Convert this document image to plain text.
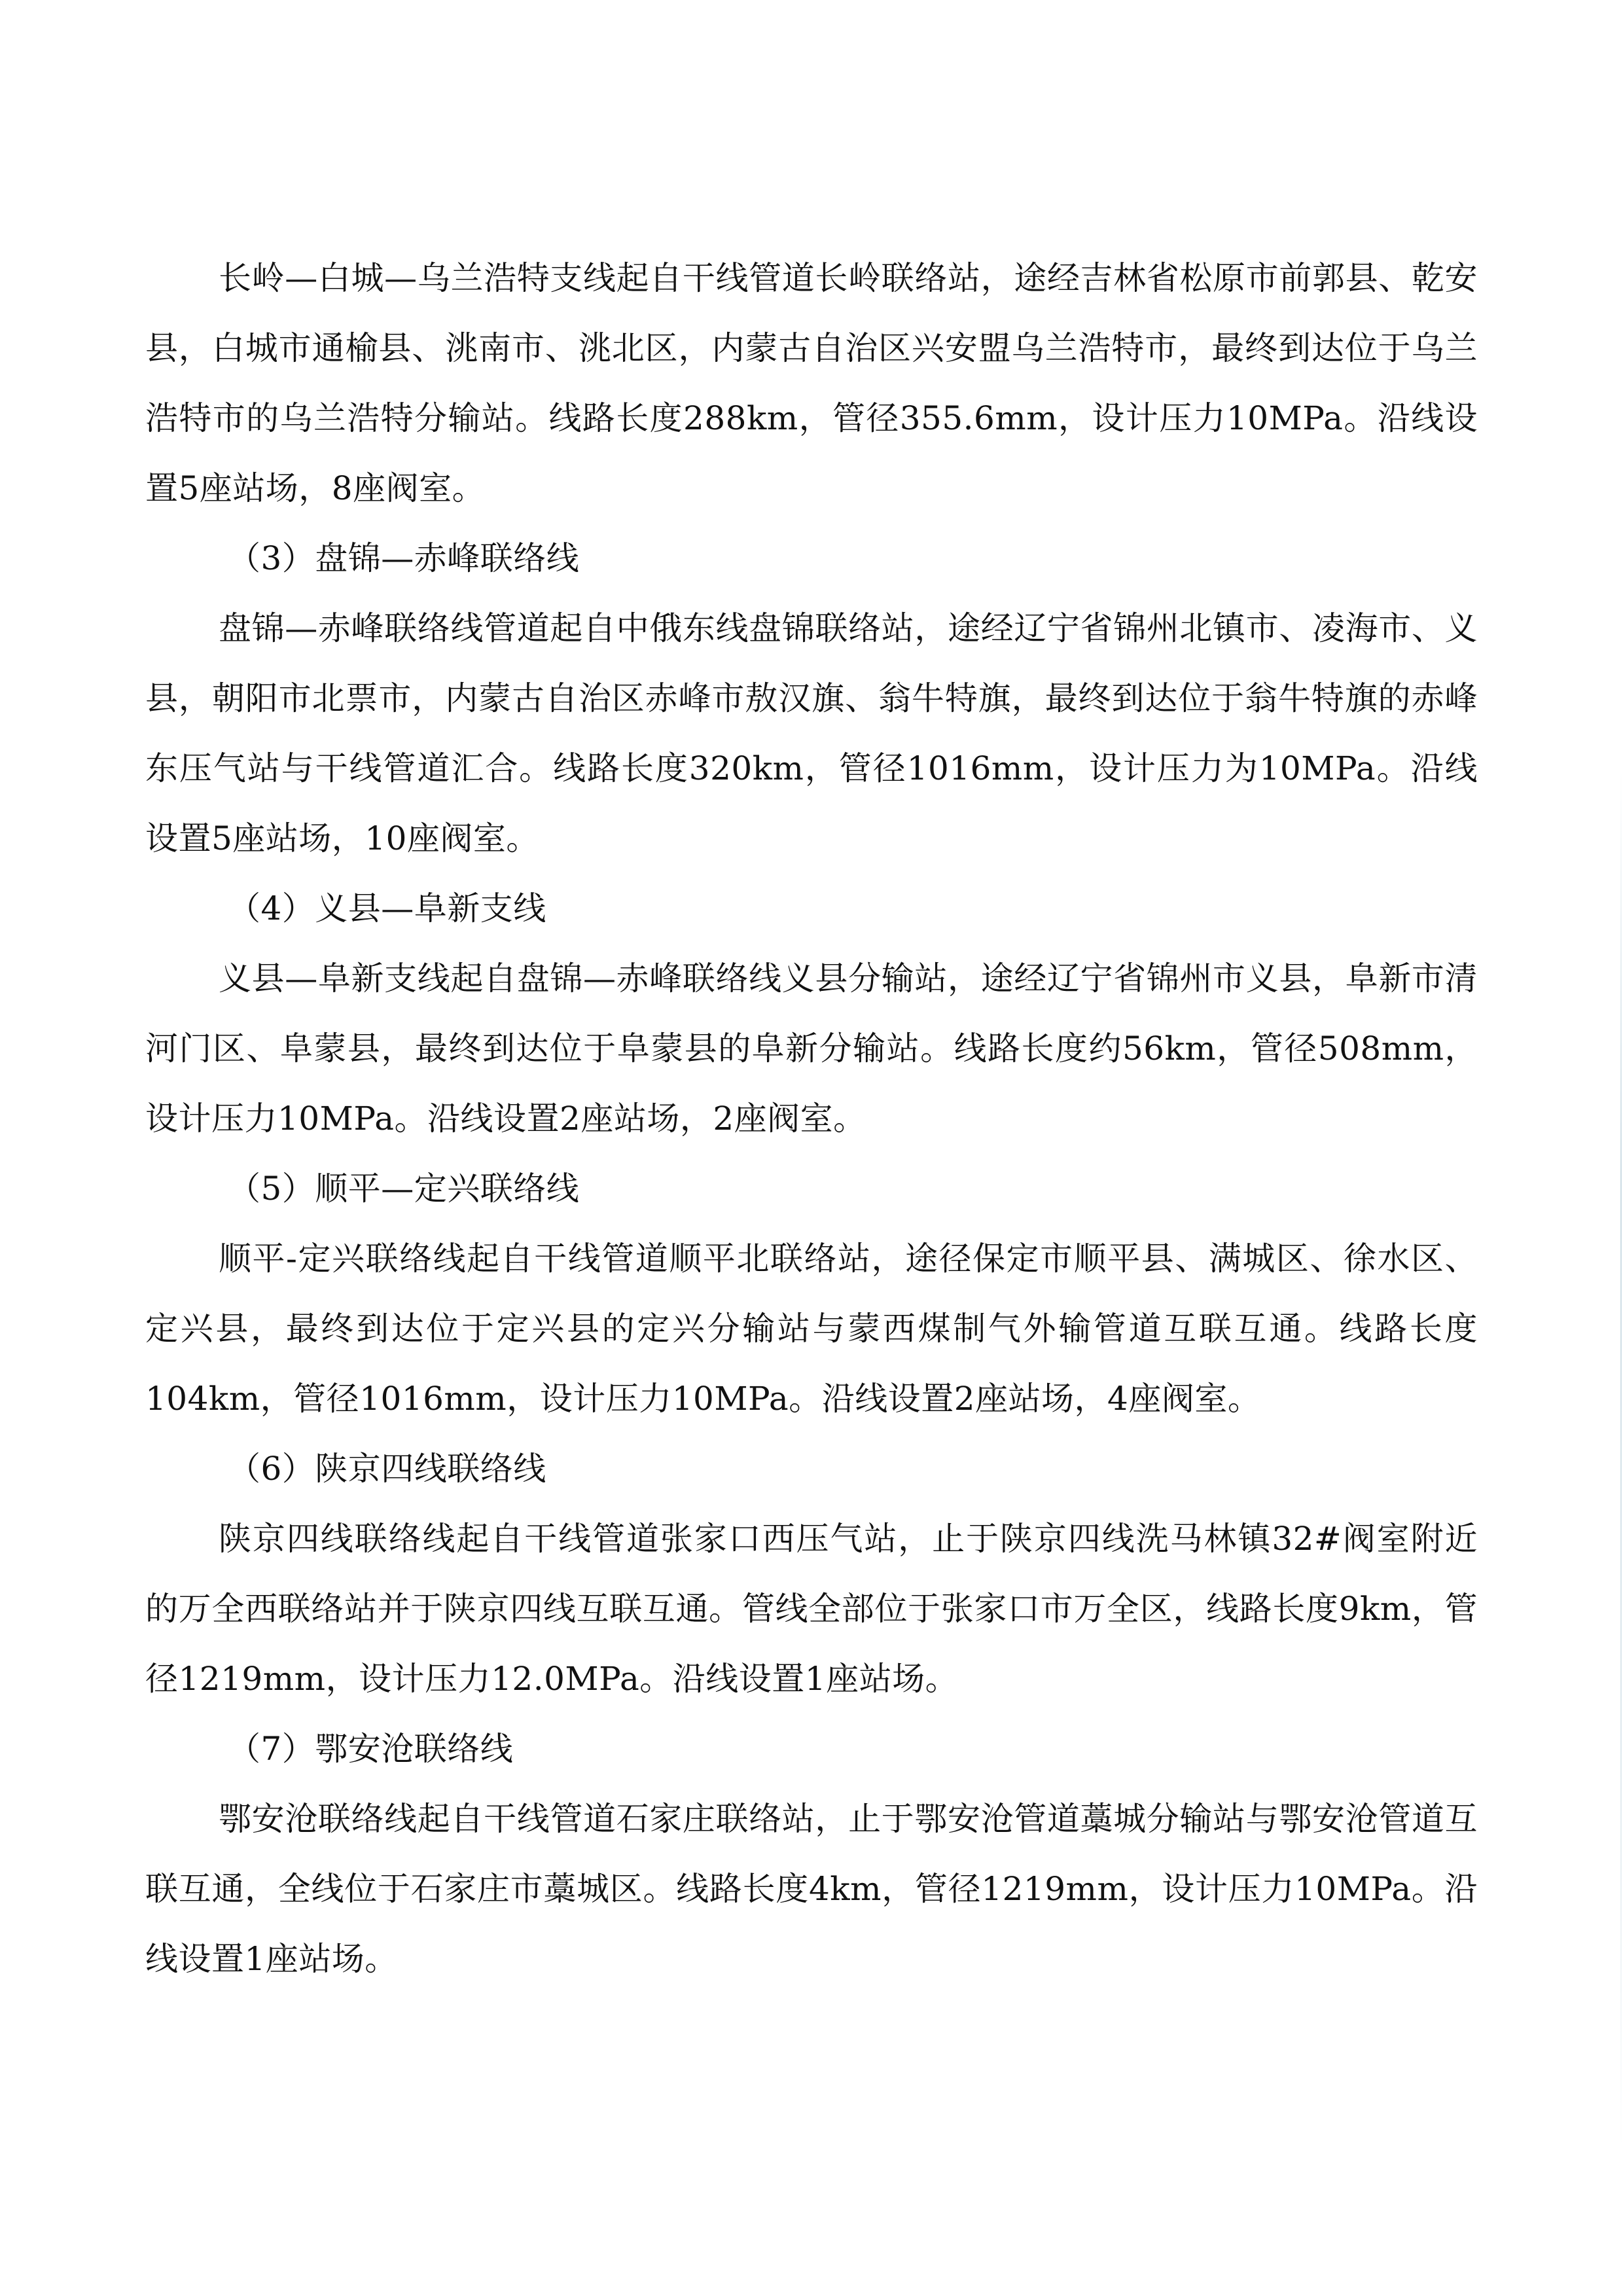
长岭—白城—乌兰浩特支线起自干线管道长岭联络站，途经吉林省松原市前郭县、乾安县，白城市通榆县、洮南市、洮北区，内蒙古自治区兴安盟乌兰浩特市，最终到达位于乌兰浩特市的乌兰浩特分输站。线路长度288km，管径355.6mm，设计压力10MPa。沿线设置5座站场，8座阀室。

（3）盘锦—赤峰联络线

盘锦—赤峰联络线管道起自中俄东线盘锦联络站，途经辽宁省锦州北镇市、凌海市、义县，朝阳市北票市，内蒙古自治区赤峰市敖汉旗、翁牛特旗，最终到达位于翁牛特旗的赤峰东压气站与干线管道汇合。线路长度320km，管径1016mm，设计压力为10MPa。沿线设置5座站场，10座阀室。

（4）义县—阜新支线

义县—阜新支线起自盘锦—赤峰联络线义县分输站，途经辽宁省锦州市义县，阜新市清河门区、阜蒙县，最终到达位于阜蒙县的阜新分输站。线路长度约56km，管径508mm，设计压力10MPa。沿线设置2座站场，2座阀室。

（5）顺平—定兴联络线

顺平-定兴联络线起自干线管道顺平北联络站，途径保定市顺平县、满城区、徐水区、定兴县，最终到达位于定兴县的定兴分输站与蒙西煤制气外输管道互联互通。线路长度104km，管径1016mm，设计压力10MPa。沿线设置2座站场，4座阀室。

（6）陕京四线联络线

陕京四线联络线起自干线管道张家口西压气站，止于陕京四线洗马林镇32#阀室附近的万全西联络站并于陕京四线互联互通。管线全部位于张家口市万全区，线路长度9km，管径1219mm，设计压力12.0MPa。沿线设置1座站场。

（7）鄂安沧联络线

鄂安沧联络线起自干线管道石家庄联络站，止于鄂安沧管道藁城分输站与鄂安沧管道互联互通，全线位于石家庄市藁城区。线路长度4km，管径1219mm，设计压力10MPa。沿线设置1座站场。
